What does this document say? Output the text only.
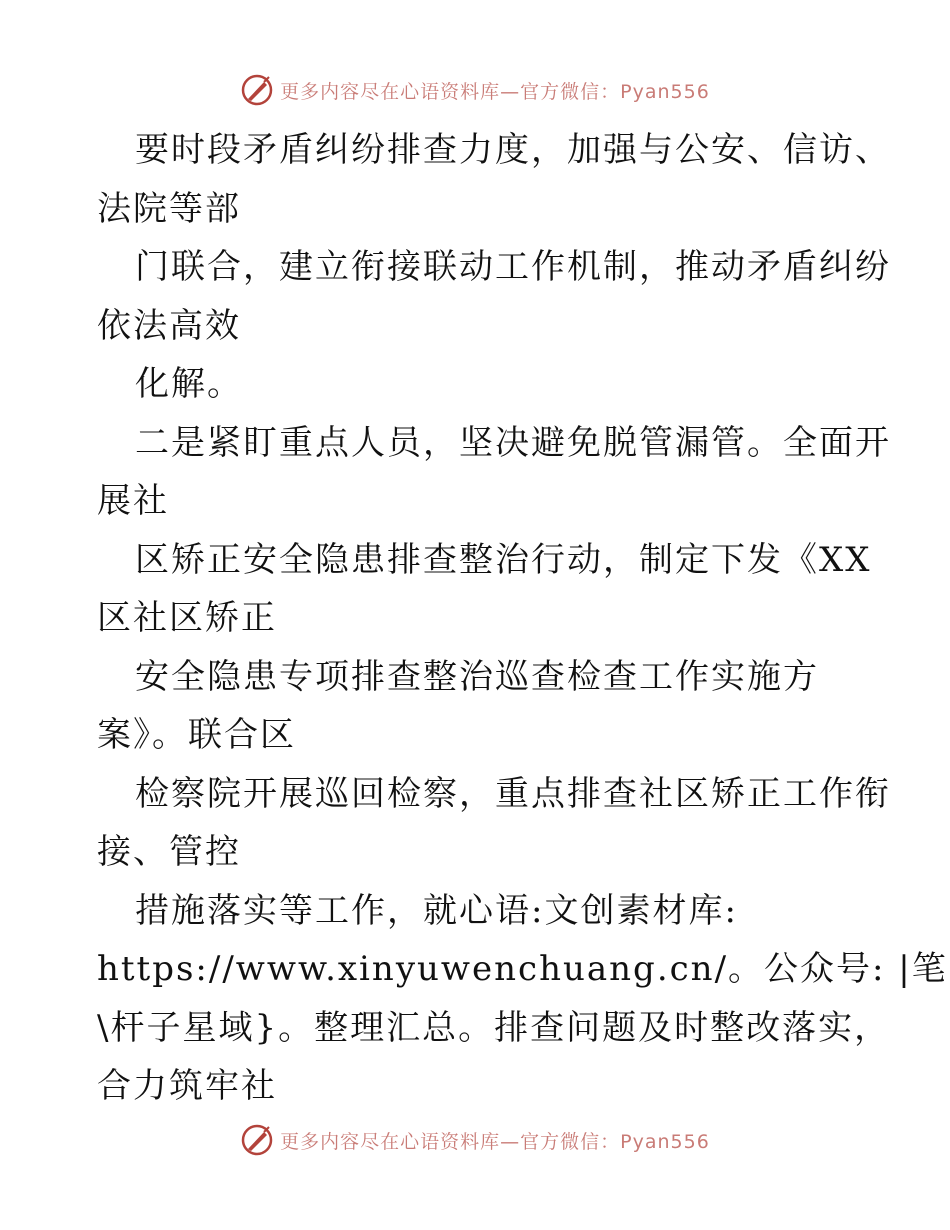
更多内容尽在心语资料库—官方微信：Pyan556
要时段矛盾纠纷排查力度，加强与公安、信访、
法院等部
门联合，建立衔接联动工作机制，推动矛盾纠纷
依法高效
化解。
二是紧盯重点人员，坚决避免脱管漏管。全面开
展社
区矫正安全隐患排查整治行动，制定下发《XX
区社区矫正
安全隐患专项排查整治巡查检查工作实施方
案》。联合区
检察院开展巡回检察，重点排查社区矫正工作衔
接、管控
措施落实等工作，就心语:文创素材库:
https://www.xinyuwenchuang.cn/。公众号: |笔
\杆子星域}。整理汇总。排查问题及时整改落实，
合力筑牢社
更多内容尽在心语资料库—官方微信：Pyan556
